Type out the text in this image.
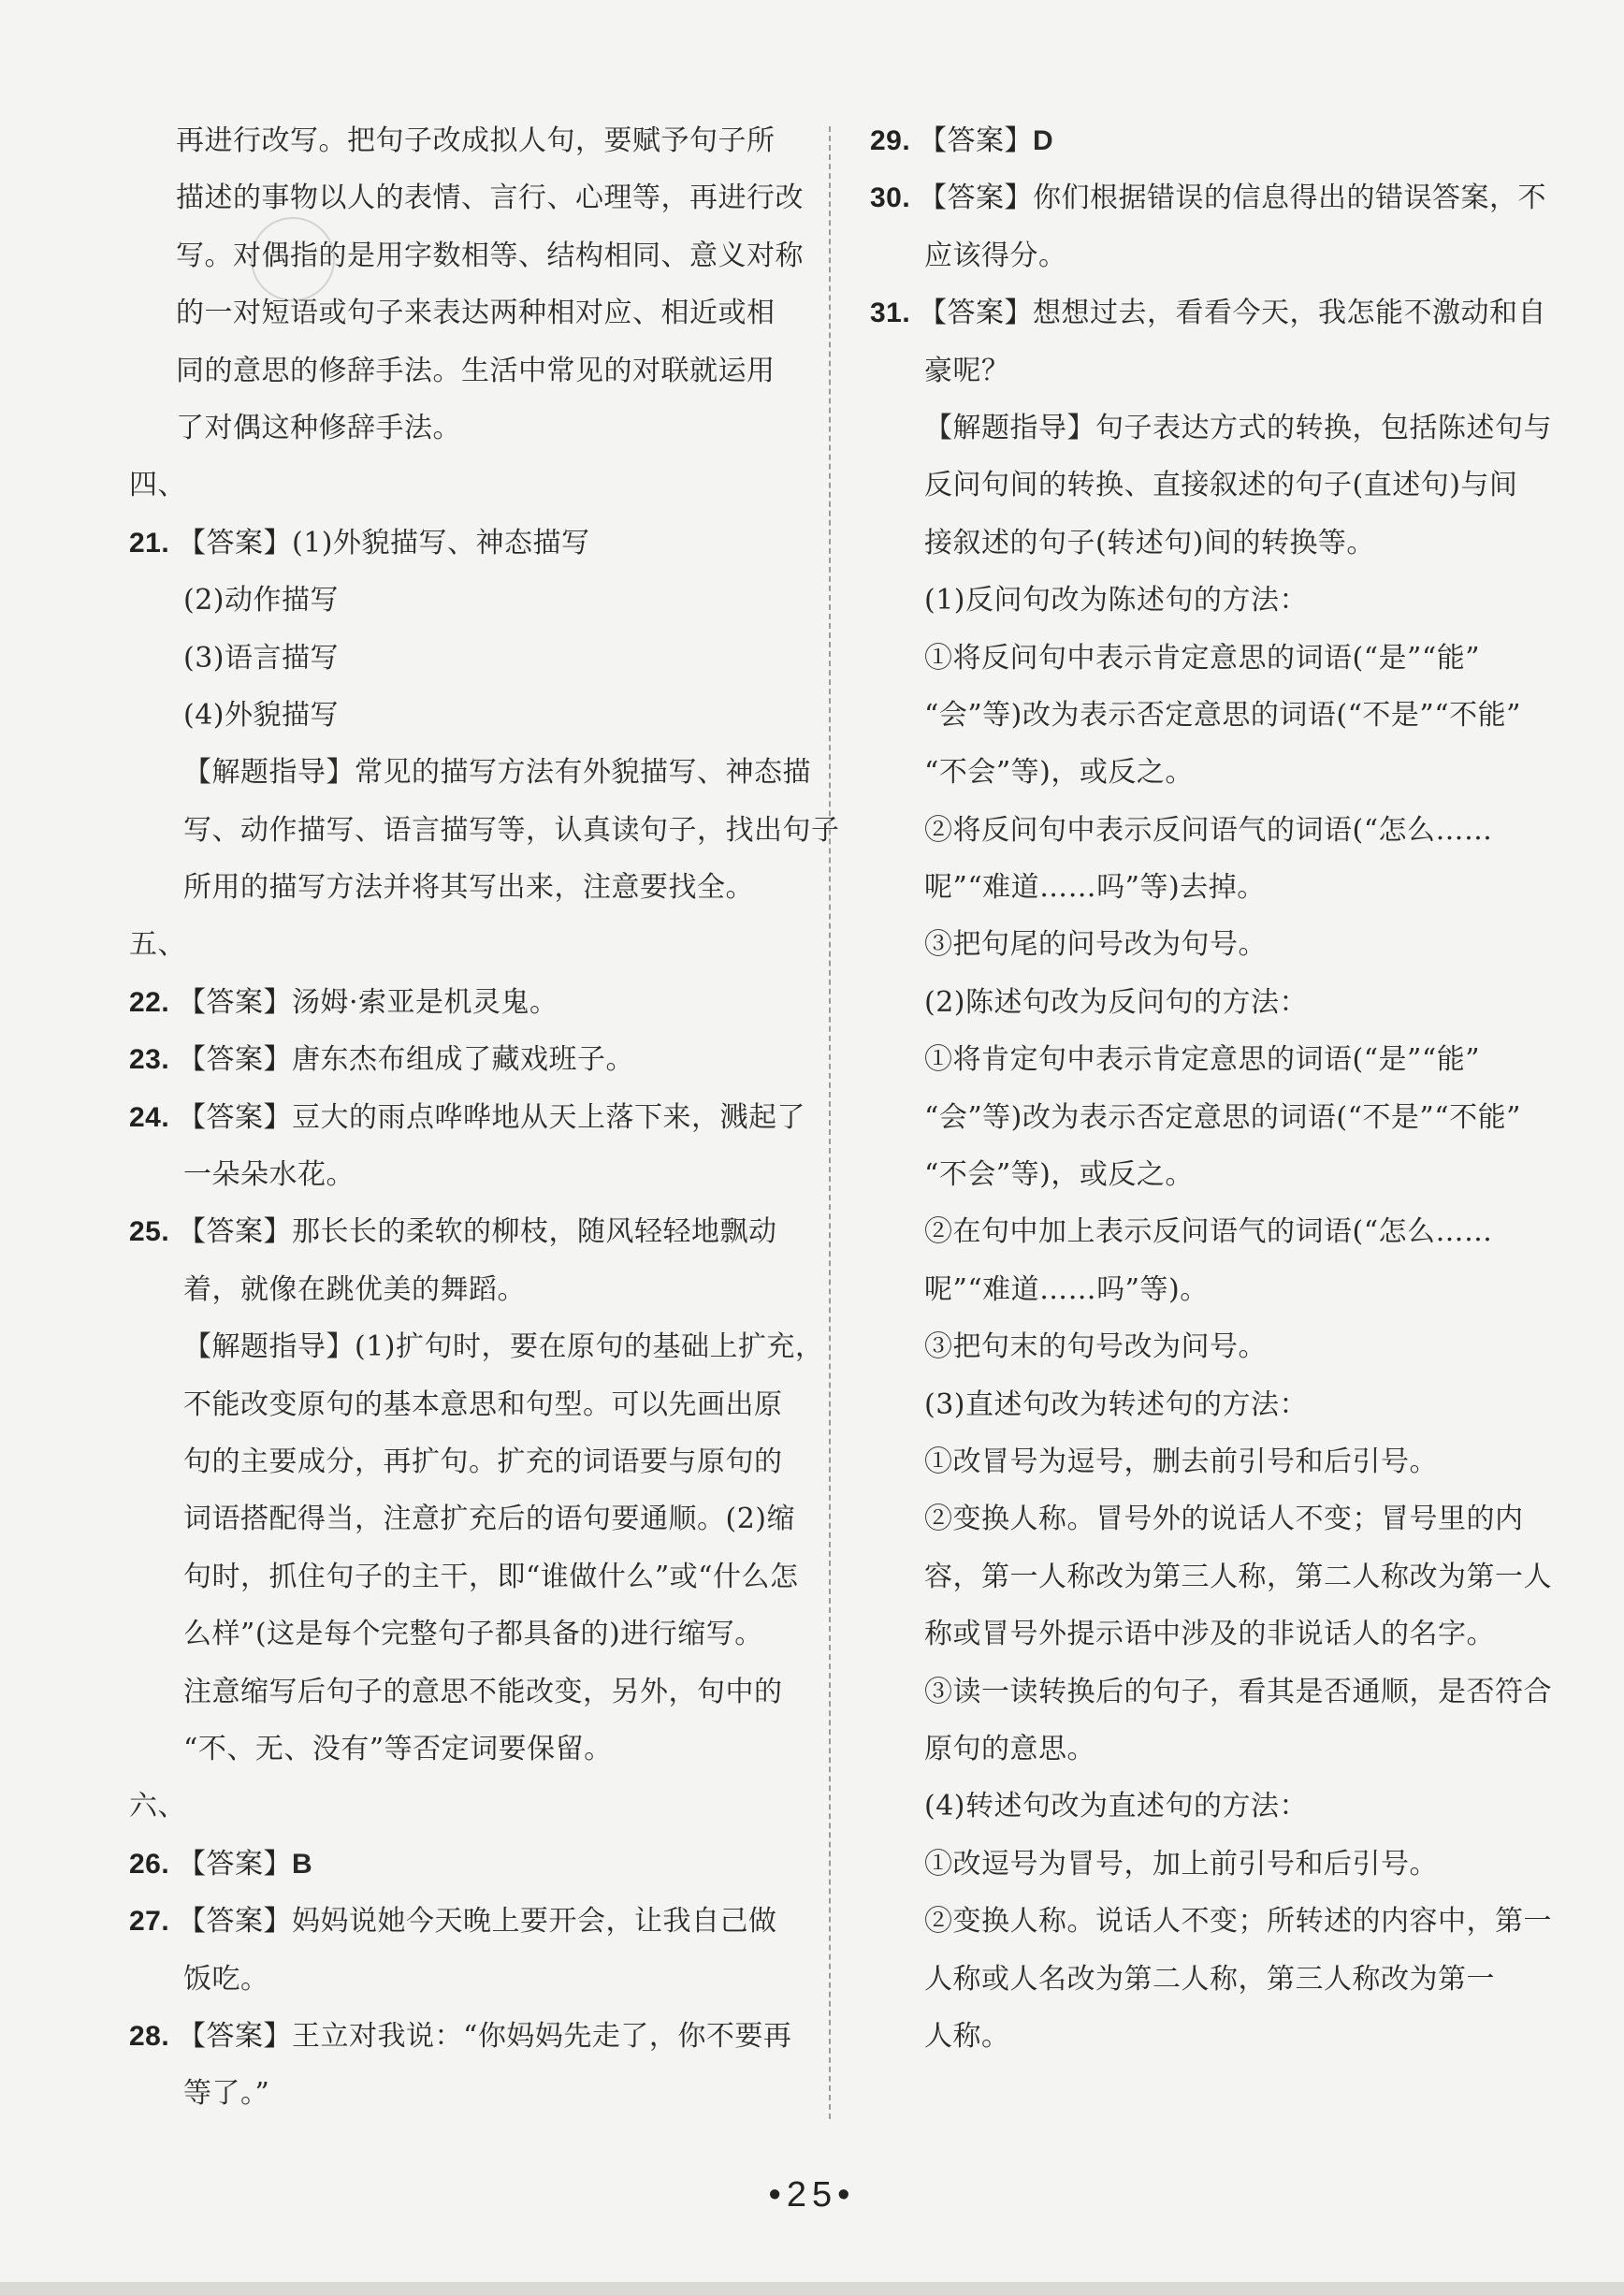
再进行改写。把句子改成拟人句，要赋予句子所
描述的事物以人的表情、言行、心理等，再进行改
写。对偶指的是用字数相等、结构相同、意义对称
的一对短语或句子来表达两种相对应、相近或相
同的意思的修辞手法。生活中常见的对联就运用
了对偶这种修辞手法。
四、
21. 【答案】(1)外貌描写、神态描写
(2)动作描写
(3)语言描写
(4)外貌描写
【解题指导】常见的描写方法有外貌描写、神态描
写、动作描写、语言描写等，认真读句子，找出句子
所用的描写方法并将其写出来，注意要找全。
五、
22. 【答案】汤姆·索亚是机灵鬼。
23. 【答案】唐东杰布组成了藏戏班子。
24. 【答案】豆大的雨点哗哗地从天上落下来，溅起了
一朵朵水花。
25. 【答案】那长长的柔软的柳枝，随风轻轻地飘动
着，就像在跳优美的舞蹈。
【解题指导】(1)扩句时，要在原句的基础上扩充，
不能改变原句的基本意思和句型。可以先画出原
句的主要成分，再扩句。扩充的词语要与原句的
词语搭配得当，注意扩充后的语句要通顺。(2)缩
句时，抓住句子的主干，即“谁做什么”或“什么怎
么样”(这是每个完整句子都具备的)进行缩写。
注意缩写后句子的意思不能改变，另外，句中的
“不、无、没有”等否定词要保留。
六、
26. 【答案】B
27. 【答案】妈妈说她今天晚上要开会，让我自己做
饭吃。
28. 【答案】王立对我说：“你妈妈先走了，你不要再
等了。”
29. 【答案】D
30. 【答案】你们根据错误的信息得出的错误答案，不
应该得分。
31. 【答案】想想过去，看看今天，我怎能不激动和自
豪呢？
【解题指导】句子表达方式的转换，包括陈述句与
反问句间的转换、直接叙述的句子(直述句)与间
接叙述的句子(转述句)间的转换等。
(1)反问句改为陈述句的方法：
①将反问句中表示肯定意思的词语(“是”“能”
“会”等)改为表示否定意思的词语(“不是”“不能”
“不会”等)，或反之。
②将反问句中表示反问语气的词语(“怎么……
呢”“难道……吗”等)去掉。
③把句尾的问号改为句号。
(2)陈述句改为反问句的方法：
①将肯定句中表示肯定意思的词语(“是”“能”
“会”等)改为表示否定意思的词语(“不是”“不能”
“不会”等)，或反之。
②在句中加上表示反问语气的词语(“怎么……
呢”“难道……吗”等)。
③把句末的句号改为问号。
(3)直述句改为转述句的方法：
①改冒号为逗号，删去前引号和后引号。
②变换人称。冒号外的说话人不变；冒号里的内
容，第一人称改为第三人称，第二人称改为第一人
称或冒号外提示语中涉及的非说话人的名字。
③读一读转换后的句子，看其是否通顺，是否符合
原句的意思。
(4)转述句改为直述句的方法：
①改逗号为冒号，加上前引号和后引号。
②变换人称。说话人不变；所转述的内容中，第一
人称或人名改为第二人称，第三人称改为第一
人称。
•25•
